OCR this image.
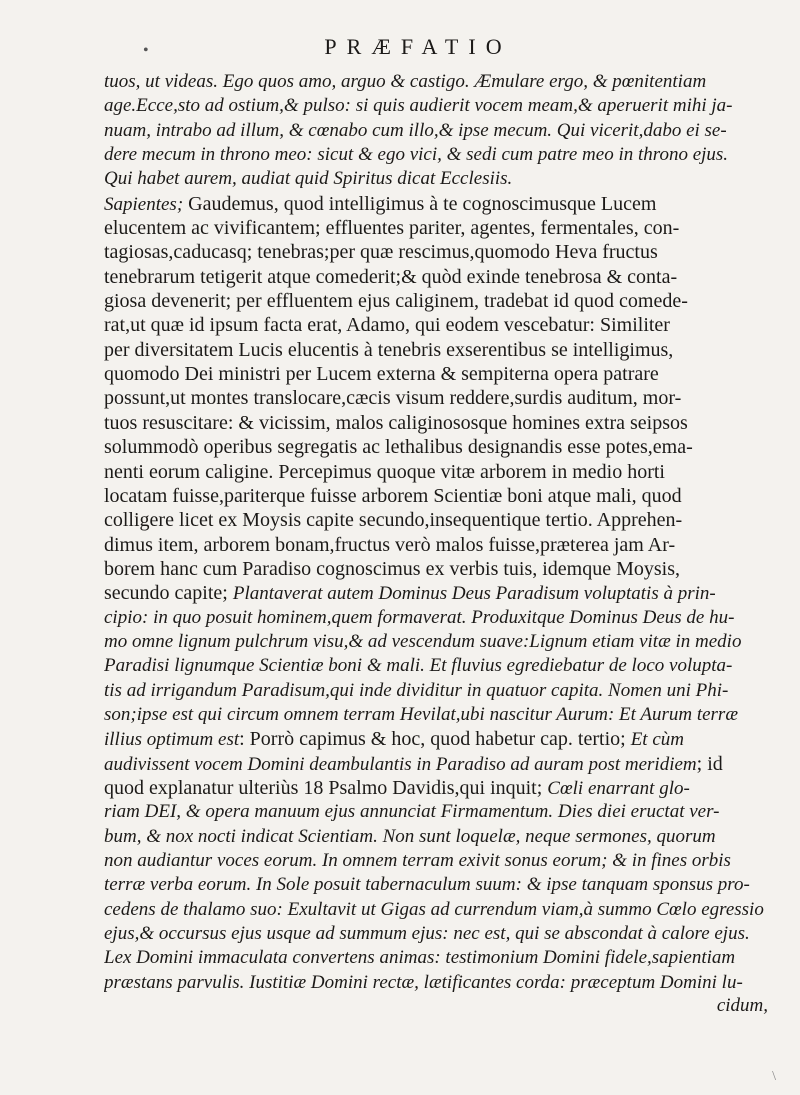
•	PRÆFATIO
tuos, ut videas. Ego quos amo, arguo & castigo. Æmulare ergo, & pœnitentiam
age.Ecce,sto ad ostium,& pulso: si quis audierit vocem meam,& aperuerit mihi ja-
nuam, intrabo ad illum, & cœnabo cum illo,& ipse mecum. Qui vicerit,dabo ei se-
dere mecum in throno meo: sicut & ego vici, & sedi cum patre meo in throno ejus.
Qui habet aurem, audiat quid Spiritus dicat Ecclesiis.
Sapientes; Gaudemus, quod intelligimus à te cognoscimusque Lucem
elucentem ac vivificantem; effluentes pariter, agentes, fermentales, con-
tagiosas,caducasq; tenebras;per quæ rescimus,quomodo Heva fructus
tenebrarum tetigerit atque comederit;& quòd exinde tenebrosa & conta-
giosa devenerit; per effluentem ejus caliginem, tradebat id quod comede-
rat,ut quæ id ipsum facta erat, Adamo, qui eodem vescebatur: Similiter
per diversitatem Lucis elucentis à tenebris exserentibus se intelligimus,
quomodo Dei ministri per Lucem externa & sempiterna opera patrare
possunt,ut montes translocare,cæcis visum reddere,surdis auditum, mor-
tuos resuscitare: & vicissim, malos caliginososque homines extra seipsos
solummodò operibus segregatis ac lethalibus designandis esse potes,ema-
nenti eorum caligine. Percepimus quoque vitæ arborem in medio horti
locatam fuisse,pariterque fuisse arborem Scientiæ boni atque mali, quod
colligere licet ex Moysis capite secundo,insequentique tertio. Apprehen-
dimus item, arborem bonam,fructus verò malos fuisse,præterea jam Ar-
borem hanc cum Paradiso cognoscimus ex verbis tuis, idemque Moysis,
secundo capite; Plantaverat autem Dominus Deus Paradisum voluptatis à prin-
cipio: in quo posuit hominem,quem formaverat. Produxitque Dominus Deus de hu-
mo omne lignum pulchrum visu,& ad vescendum suave:Lignum etiam vitæ in medio
Paradisi lignumque Scientiæ boni & mali. Et fluvius egrediebatur de loco volupta-
tis ad irrigandum Paradisum,qui inde dividitur in quatuor capita. Nomen uni Phi-
son;ipse est qui circum omnem terram Hevilat,ubi nascitur Aurum: Et Aurum terræ
illius optimum est: Porrò capimus & hoc, quod habetur cap. tertio; Et cùm
audivissent vocem Domini deambulantis in Paradiso ad auram post meridiem; id
quod explanatur ulteriùs 18 Psalmo Davidis,qui inquit; Cœli enarrant glo-
riam DEI, & opera manuum ejus annunciat Firmamentum. Dies diei eructat ver-
bum, & nox nocti indicat Scientiam. Non sunt loquelæ, neque sermones, quorum
non audiantur voces eorum. In omnem terram exivit sonus eorum; & in fines orbis
terræ verba eorum. In Sole posuit tabernaculum suum: & ipse tanquam sponsus pro-
cedens de thalamo suo: Exultavit ut Gigas ad currendum viam,à summo Cœlo egressio
ejus,& occursus ejus usque ad summum ejus: nec est, qui se abscondat à calore ejus.
Lex Domini immaculata convertens animas: testimonium Domini fidele,sapientiam
præstans parvulis. Iustitiæ Domini rectæ, lætificantes corda: præceptum Domini lu-
cidum,
\
